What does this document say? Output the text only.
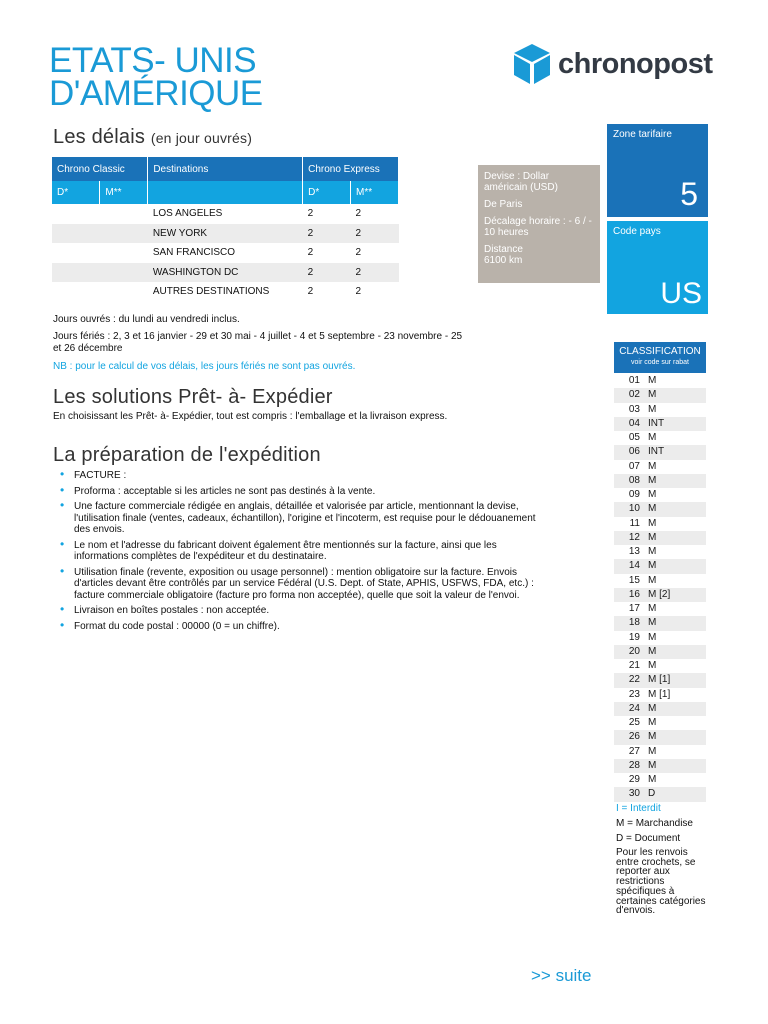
ETATS- UNIS
D'AMÉRIQUE
chronopost
Les délais (en jour ouvrés)
Chrono Classic		Destinations	Chrono Express	
D*	M**		D*	M**
		LOS ANGELES	2	2
		NEW YORK	2	2
		SAN FRANCISCO	2	2
		WASHINGTON DC	2	2
		AUTRES DESTINATIONS	2	2

Devise : Dollar américain (USD)

De Paris

Décalage horaire : - 6 / - 10 heures

Distance

6100 km

Zone tarifaire
5
Code pays
US
Jours ouvrés : du lundi au vendredi inclus.
Jours fériés : 2, 3 et 16 janvier - 29 et 30 mai - 4 juillet - 4 et 5 septembre - 23 novembre - 25 et 26 décembre
NB : pour le calcul de vos délais, les jours fériés ne sont pas ouvrés.
Les solutions Prêt- à- Expédier
En choisissant les Prêt- à- Expédier, tout est compris : l'emballage et la livraison express.
La préparation de l'expédition
• FACTURE :
• Proforma : acceptable si les articles ne sont pas destinés à la vente.
• Une facture commerciale rédigée en anglais, détaillée et valorisée par article, mentionnant la devise, l'utilisation finale (ventes, cadeaux, échantillon), l'origine et l'incoterm, est requise pour le dédouanement des envois.
• Le nom et l'adresse du fabricant doivent également être mentionnés sur la facture, ainsi que les informations complètes de l'expéditeur et du destinataire.
• Utilisation finale (revente, exposition ou usage personnel) : mention obligatoire sur la facture. Envois d'articles devant être contrôlés par un service Fédéral (U.S. Dept. of State, APHIS, USFWS, FDA, etc.) : facture commerciale obligatoire (facture pro forma non acceptée), quelle que soit la valeur de l'envoi.
• Livraison en boîtes postales : non acceptée.
• Format du code postal : 00000 (0 = un chiffre).
CLASSIFICATION
voir code sur rabat
01 M
02 M
03 M
04 INT
05 M
06 INT
07 M
08 M
09 M
10 M
11 M
12 M
13 M
14 M
15 M
16 M [2]
17 M
18 M
19 M
20 M
21 M
22 M [1]
23 M [1]
24 M
25 M
26 M
27 M
28 M
29 M
30 D

I = Interdit

M = Marchandise

D = Document

Pour les renvois entre crochets, se reporter aux restrictions spécifiques à certaines catégories d'envois.

>> suite
